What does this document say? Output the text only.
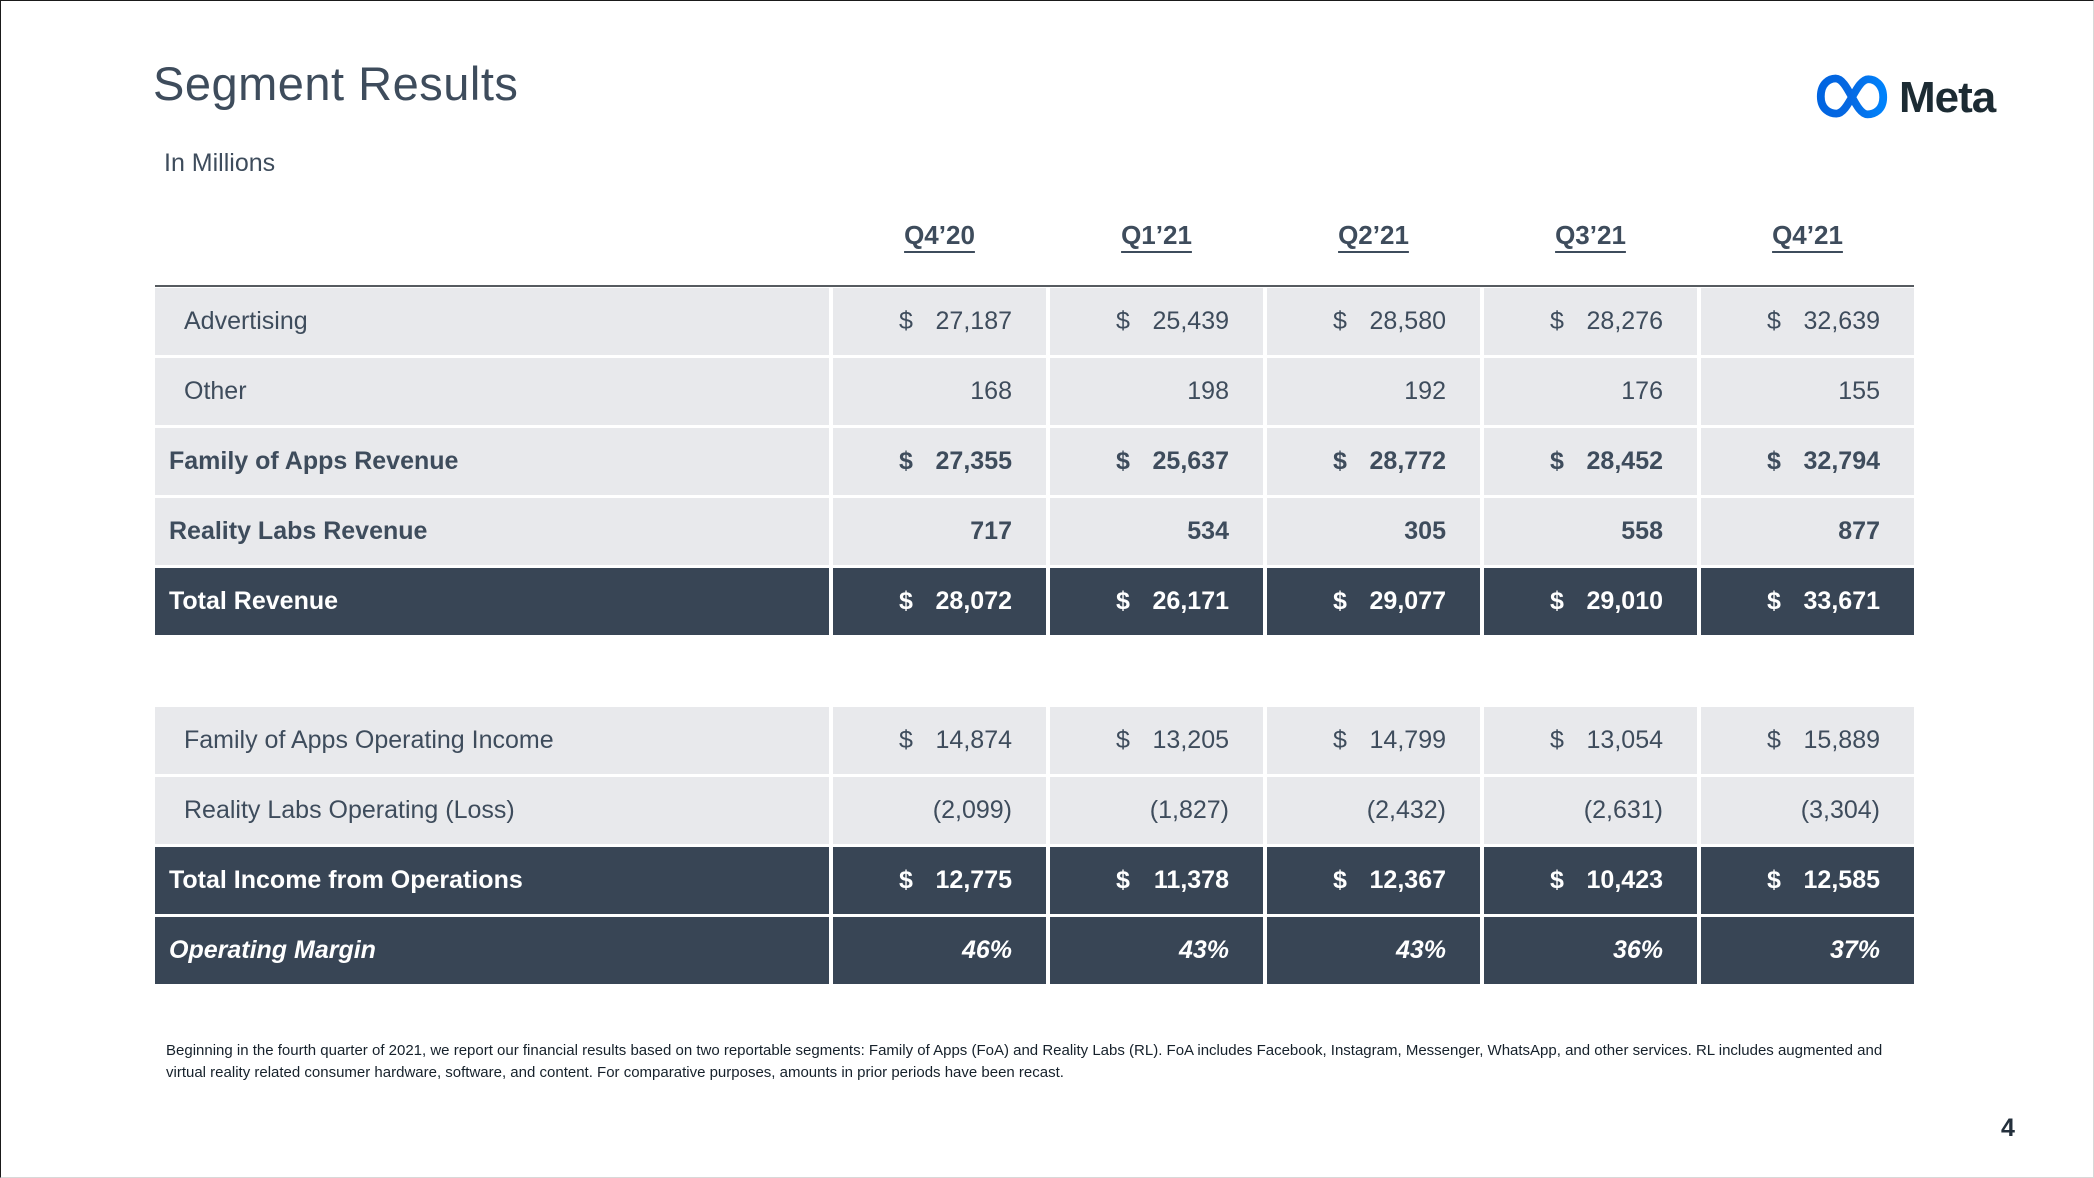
Segment Results
In Millions
Meta
Q4’20	Q1’21	Q2’21	Q3’21	Q4’21
Advertising	$ 27,187	$ 25,439	$ 28,580	$ 28,276	$ 32,639
Other	168	198	192	176	155
Family of Apps Revenue	$ 27,355	$ 25,637	$ 28,772	$ 28,452	$ 32,794
Reality Labs Revenue	717	534	305	558	877
Total Revenue	$ 28,072	$ 26,171	$ 29,077	$ 29,010	$ 33,671
Family of Apps Operating Income	$ 14,874	$ 13,205	$ 14,799	$ 13,054	$ 15,889
Reality Labs Operating (Loss)	(2,099)	(1,827)	(2,432)	(2,631)	(3,304)
Total Income from Operations	$ 12,775	$ 11,378	$ 12,367	$ 10,423	$ 12,585
Operating Margin	46%	43%	43%	36%	37%
Beginning in the fourth quarter of 2021, we report our financial results based on two reportable segments: Family of Apps (FoA) and Reality Labs (RL). FoA includes Facebook, Instagram, Messenger, WhatsApp, and other services. RL includes augmented and
virtual reality related consumer hardware, software, and content. For comparative purposes, amounts in prior periods have been recast.
4
